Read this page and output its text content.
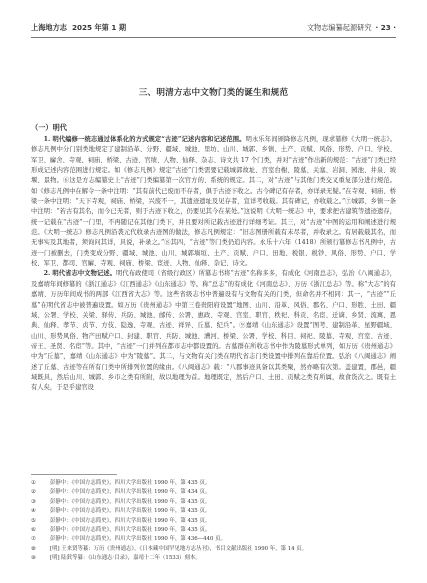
上海地方志  2025 年第 1 期	文物志编纂起源研究 · 23 ·
三、明清方志中文物门类的诞生和规范
（一）明代

1. 明代编修一统志通过体系化的方式规定“古迹”记述内容和记述范围。明永乐年间颁降修志凡例，现求纂修《大明一统志》。修志凡例中分门别类地规定了建制沿革、分野、疆域、城池、里坊、山川、城郭、乡镇、土产、贡赋、风俗、形势、户口、学校、军卫、廨舍、寺观、祠庙、桥梁、古迹、官绩、人物、仙释、杂志、诗文共 17 个门类，并对“古迹”作出新的规范：“古迹”门类已经形成记述内容范围进行规定。如《修志凡例》规定“古迹”门类需要记载城郭故址、宫室台榭、陵墓、关塞、岩洞、园池、井泉、坡堰、景物。⑥这是方志编纂史上“古迹”门类编纂第一次官方的、系统的规定。其二，对“古迹”与其他门类交叉重复部分进行规范。如《修志凡例中在解令一条中注明：“其有前代已废而不存者，俱于古迹下收之。古今碑记有存者，亦详录无疑。”在寺观、祠庙、桥梁一条中注明：“天下寺观，祠庙、桥梁，兴废不一，其遗迹遗址及见存者，宣详考收载。其有碑记，亦收载之。”⑦城郭、乡镇一条中注明：“若古有其名，而今已无者，则于古迹下收之，仍要见其今在某处。”这说明《大明一统志》中，要求把古建筑等遗迹遗存，统一记载在“古迹”一门里，不再随记在其他门类下，并且要对所记载古迹进行详细考证。其三，对“古迹”中图的运用和阐述进行规范。《大明一统志》修志凡例沿袭元代收录古迹图的做法，修志凡例规定：“旧志图册所载有未尽者，并收录之。有居载载其名，而无事实及其地者，须询问其详，具说，补录之。”⑧其四，“古迹”等门类仍追内容。永乐十六年（1418）所颁行纂修志书凡例中，古迹一门被删去，门类变成分野、疆域、城池、山川、城郭墙垣、土产、贡赋、户口、田地、税银、税钞、风俗、形势、户口、学校、军卫、都司、官廨、寺观、祠庙、桥梁、宦迹、人物、仙释、杂记、诗文。

2. 明代省志中文物记述。明代布政使司（省级行政区）所纂志书将“古迹”名称多多，有成化《河南总志》，弘治《八闽通志》，及嘉靖年间修纂的《浙江通志》《江西通志》《山东通志》等。称“总志”的有成化《河南总志》、万历《浙江总志》等。称“大志”的有嘉靖、万历年间成书的两部《江西省大志》等。这些省级志书中普遍设有与文物有关的门类，但命名并不相同：其一，“古迹”“丘墓”在明代省志中被普遍设置。如万历《贵州通志》中第三卷贵阳府设置“地图、山川、沿革、风俗、郡名、户口、形胜、土田、疆域、公署、学校、关梁、驿传、兵防、城池、邮传、公署、惠政、寺观、宫室、职官、秩祀、科贡、名宦、迁谪、乡贤、流寓、恩典、仙释、孝节、贞节、方伎、隐逸、寺观、古迹、祥异、丘墓、纪兵”。⑨嘉靖《山东通志》设置“图考、建制沿革、星野疆域、山川、形势风俗、物产田赋户口、封建、职官、兵防、城池、漕河、桥梁、公署、学校、科目、祠祀、陵墓、寺观、宫室、古迹、帝王、圣贤、名宦”等。其中，“古迹”一门并列在都市志中都设置的。古墓群在所收志书中作为陵墓形式单列，如万历《贵州通志》中为“丘墓”，嘉靖《山东通志》中为“陵墓”。其二，与文物有关门类在明代省志门类设置中排列在靠后位置。弘治《八闽通志》阐述了丘墓、古迹等在所有门类中所排列位置的缘由。《八闽通志》载：“八郡事迹具备以其类聚，然亦略有次第。盖建置，郡邑，疆域既具，然后山川、城郭、乡市之类有所附，故以地理为首。地理既定，然后户口、土田、贡赋之类有所属，故食货次之。既有土有人矣，于是乎建官设

①	彭静中：《中国方志简史》，四川大学出版社 1990 年，第 435 页。
②	彭静中：《中国方志简史》，四川大学出版社 1990 年，第 434 页。
③	彭静中：《中国方志简史》，四川大学出版社 1990 年，第 435 页。
④	彭静中：《中国方志简史》，四川大学出版社 1990 年，第 435 页。
⑤	彭静中：《中国方志简史》，四川大学出版社 1990 年，第 435 页。
⑥	彭静中：《中国方志简史》，四川大学出版社 1990 年，第 435 页。
⑦	彭静中：《中国方志简史》，四川大学出版社 1990 年，第 436—440 页。
⑧	[明] 王来贤等纂：万历《贵州通志》，《日本藏中国罕见地方志丛刊》，书目文献出版社 1990 年，第 14 页。
⑨	[明] 陆釴等纂：《山东通志·目录》，嘉靖十二年（1533）刻本。
